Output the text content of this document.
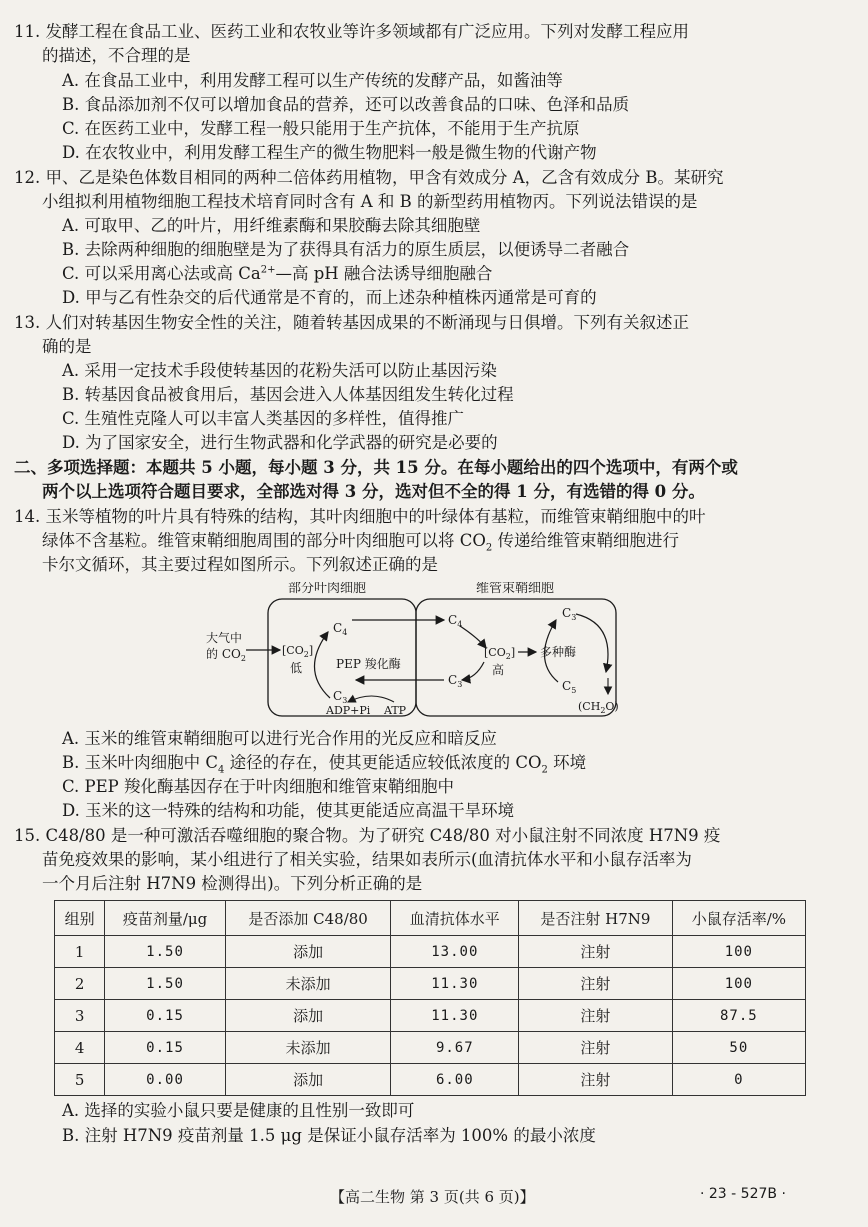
11. 发酵工程在食品工业、医药工业和农牧业等许多领域都有广泛应用。下列对发酵工程应用
的描述，不合理的是
A. 在食品工业中，利用发酵工程可以生产传统的发酵产品，如酱油等
B. 食品添加剂不仅可以增加食品的营养，还可以改善食品的口味、色泽和品质
C. 在医药工业中，发酵工程一般只能用于生产抗体，不能用于生产抗原
D. 在农牧业中，利用发酵工程生产的微生物肥料一般是微生物的代谢产物
12. 甲、乙是染色体数目相同的两种二倍体药用植物，甲含有效成分 A，乙含有效成分 B。某研究
小组拟利用植物细胞工程技术培育同时含有 A 和 B 的新型药用植物丙。下列说法错误的是
A. 可取甲、乙的叶片，用纤维素酶和果胶酶去除其细胞壁
B. 去除两种细胞的细胞壁是为了获得具有活力的原生质层，以便诱导二者融合
C. 可以采用离心法或高 $Ca^{2+}—$高 pH 融合法诱导细胞融合
D. 甲与乙有性杂交的后代通常是不育的，而上述杂种植株丙通常是可育的
13. 人们对转基因生物安全性的关注，随着转基因成果的不断涌现与日俱增。下列有关叙述正
确的是
A. 采用一定技术手段使转基因的花粉失活可以防止基因污染
B. 转基因食品被食用后，基因会进入人体基因组发生转化过程
C. 生殖性克隆人可以丰富人类基因的多样性，值得推广
D. 为了国家安全，进行生物武器和化学武器的研究是必要的
二、多项选择题：本题共 5 小题，每小题 3 分，共 15 分。在每小题给出的四个选项中，有两个或
两个以上选项符合题目要求，全部选对得 3 分，选对但不全的得 1 分，有选错的得 0 分。
14. 玉米等植物的叶片具有特殊的结构，其叶肉细胞中的叶绿体有基粒，而维管束鞘细胞中的叶
绿体不含基粒。维管束鞘细胞周围的部分叶肉细胞可以将 $CO_2$ 传递给维管束鞘细胞进行
卡尔文循环，其主要过程如图所示。下列叙述正确的是
部分叶肉细胞	维管束鞘细胞
大气中
的 $CO_2$
$[CO_2]$
低
$C_4$
$C_3$
PEP 羧化酶
ADP+Pi ATP
$C_4$
$C_3$
$[CO_2]$
高
$C_3$
多种酶
$C_5$
$(CH_2O)$
A. 玉米的维管束鞘细胞可以进行光合作用的光反应和暗反应
B. 玉米叶肉细胞中 $C_4$ 途径的存在，使其更能适应较低浓度的 $CO_2$ 环境
C. PEP 羧化酶基因存在于叶肉细胞和维管束鞘细胞中
D. 玉米的这一特殊的结构和功能，使其更能适应高温干旱环境
15. C48/80 是一种可激活吞噬细胞的聚合物。为了研究 C48/80 对小鼠注射不同浓度 H7N9 疫
苗免疫效果的影响，某小组进行了相关实验，结果如表所示(血清抗体水平和小鼠存活率为
一个月后注射 H7N9 检测得出)。下列分析正确的是
组别	疫苗剂量/μg	是否添加 C48/80	血清抗体水平	是否注射 H7N9	小鼠存活率/%
1	1.50	添加	13.00	注射	100
2	1.50	未添加	11.30	注射	100
3	0.15	添加	11.30	注射	87.5
4	0.15	未添加	9.67	注射	50
5	0.00	添加	6.00	注射	0
A. 选择的实验小鼠只要是健康的且性别一致即可
B. 注射 H7N9 疫苗剂量 1.5 μg 是保证小鼠存活率为 100% 的最小浓度
【高二生物 第 3 页(共 6 页)】	· 23 - 527B ·
